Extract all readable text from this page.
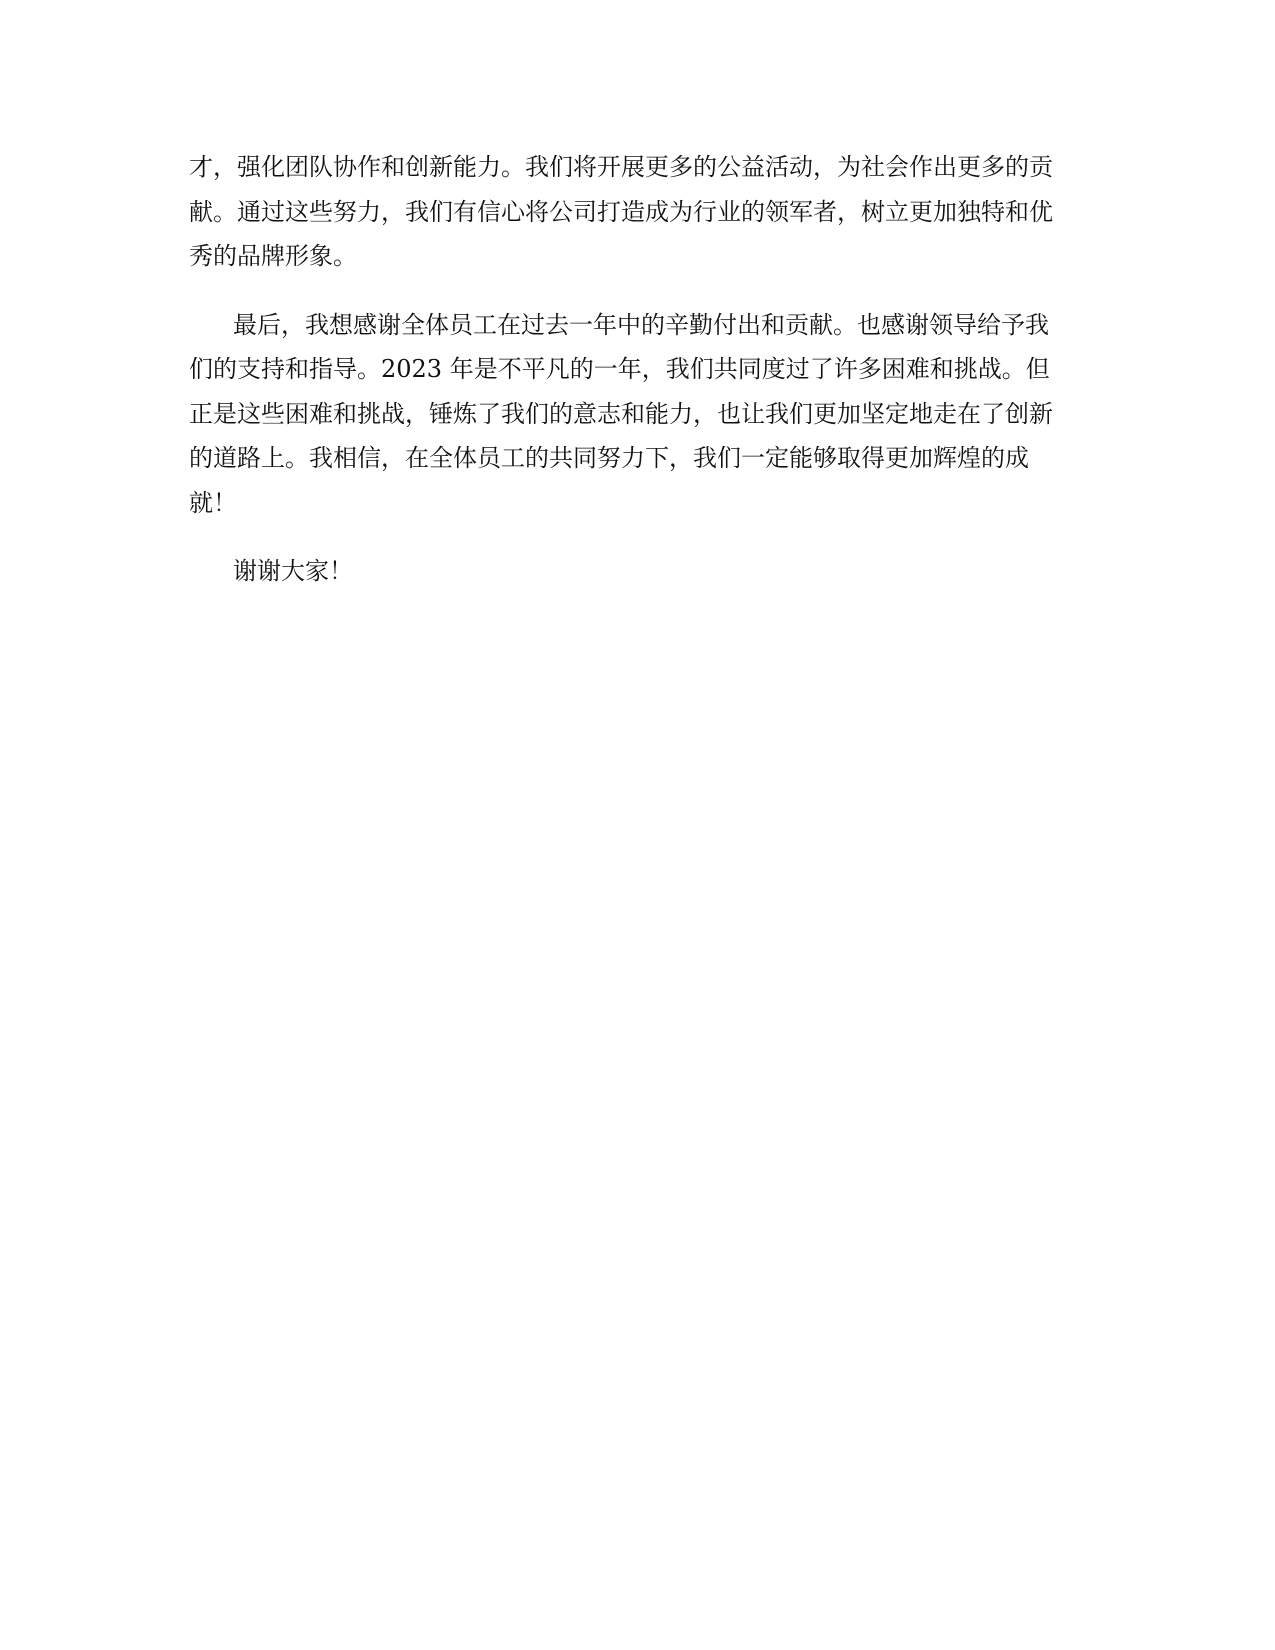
才，强化团队协作和创新能力。我们将开展更多的公益活动，为社会作出更多的贡
献。通过这些努力，我们有信心将公司打造成为行业的领军者，树立更加独特和优
秀的品牌形象。

最后，我想感谢全体员工在过去一年中的辛勤付出和贡献。也感谢领导给予我
们的支持和指导。2023 年是不平凡的一年，我们共同度过了许多困难和挑战。但
正是这些困难和挑战，锤炼了我们的意志和能力，也让我们更加坚定地走在了创新
的道路上。我相信，在全体员工的共同努力下，我们一定能够取得更加辉煌的成
就！

谢谢大家！
